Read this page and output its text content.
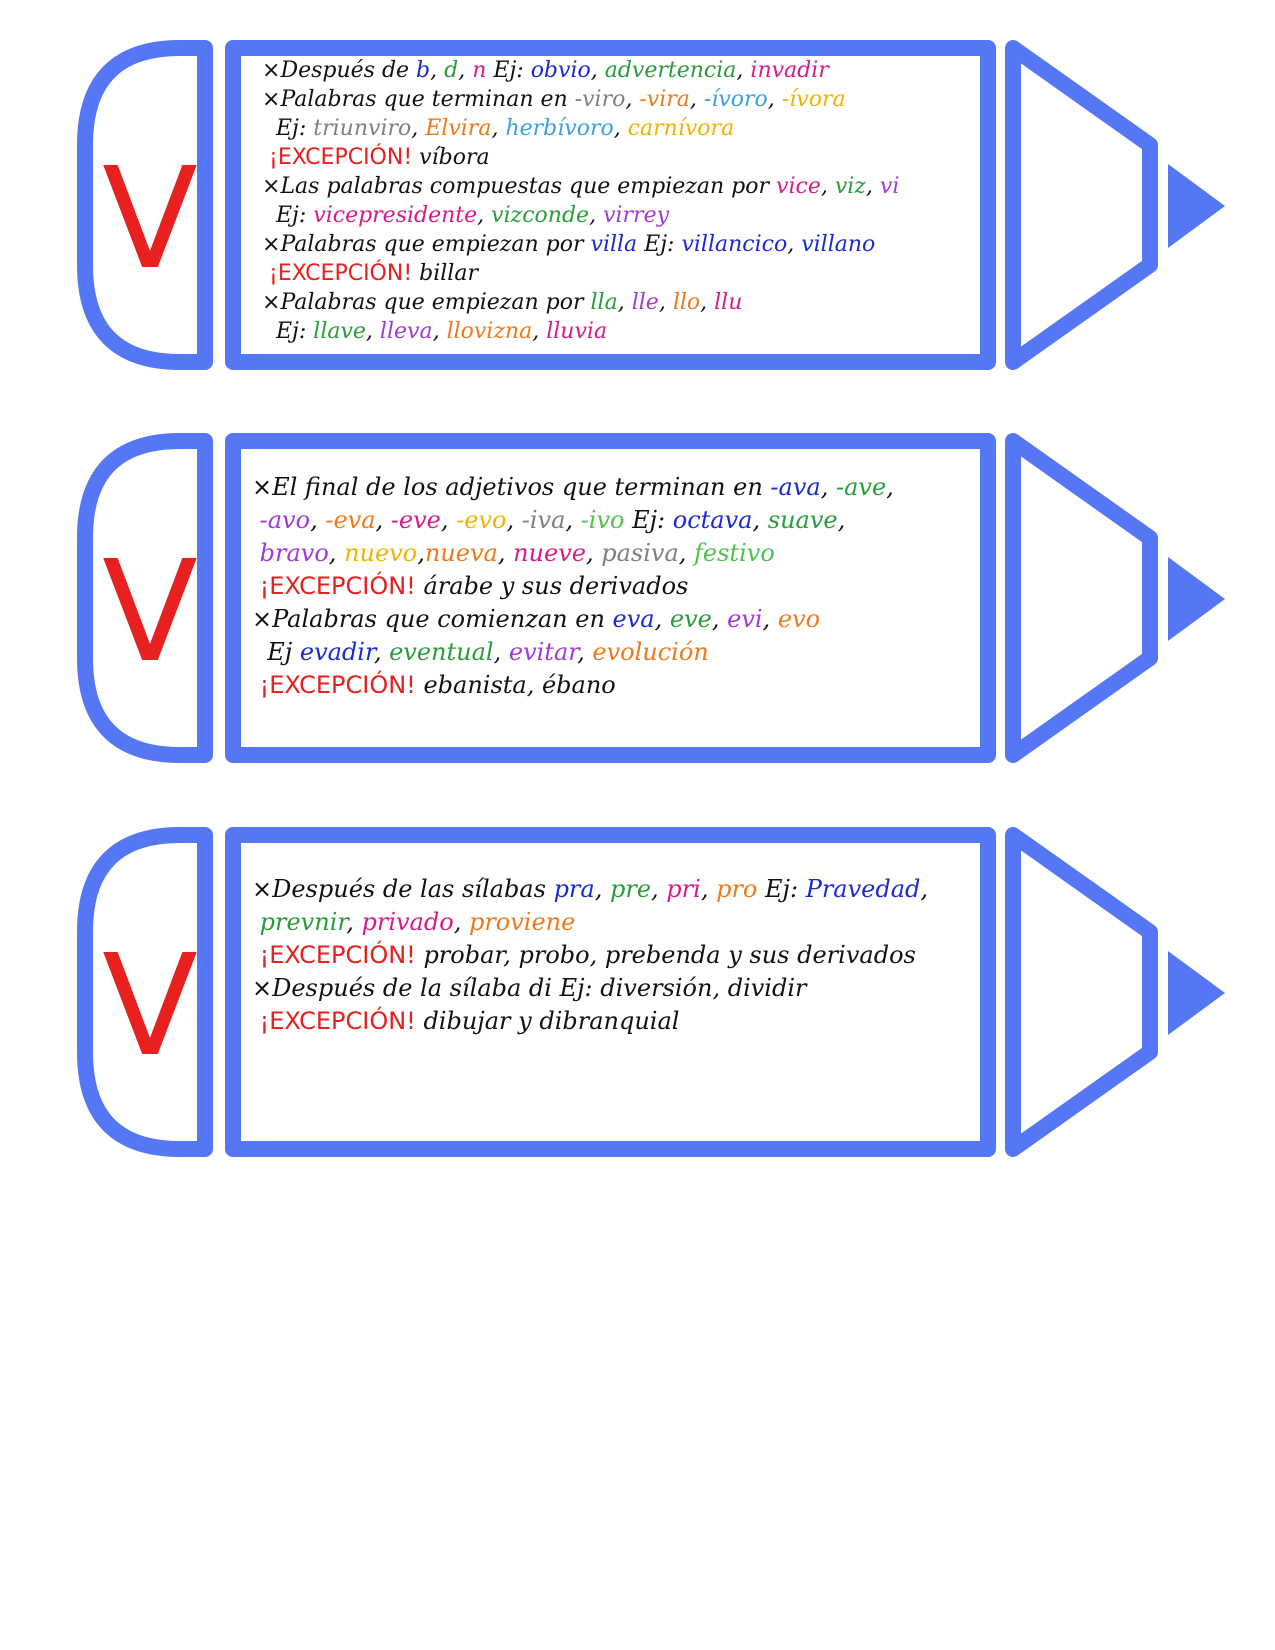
V
×Después de b, d, n Ej: obvio, advertencia, invadir
×Palabras que terminan en -viro, -vira, -ívoro, -ívora
Ej: triunviro, Elvira, herbívoro, carnívora
¡EXCEPCIÓN! víbora
×Las palabras compuestas que empiezan por vice, viz, vi
Ej: vicepresidente, vizconde, virrey
×Palabras que empiezan por villa Ej: villancico, villano
¡EXCEPCIÓN! billar
×Palabras que empiezan por lla, lle, llo, llu
Ej: llave, lleva, llovizna, lluvia
V
×El final de los adjetivos que terminan en -ava, -ave,
-avo, -eva, -eve, -evo, -iva, -ivo Ej: octava, suave,
bravo, nuevo,nueva, nueve, pasiva, festivo
¡EXCEPCIÓN! árabe y sus derivados
×Palabras que comienzan en eva, eve, evi, evo
Ej evadir, eventual, evitar, evolución
¡EXCEPCIÓN! ebanista, ébano
V
×Después de las sílabas pra, pre, pri, pro Ej: Pravedad,
prevnir, privado, proviene
¡EXCEPCIÓN! probar, probo, prebenda y sus derivados
×Después de la sílaba di Ej: diversión, dividir
¡EXCEPCIÓN! dibujar y dibranquial
